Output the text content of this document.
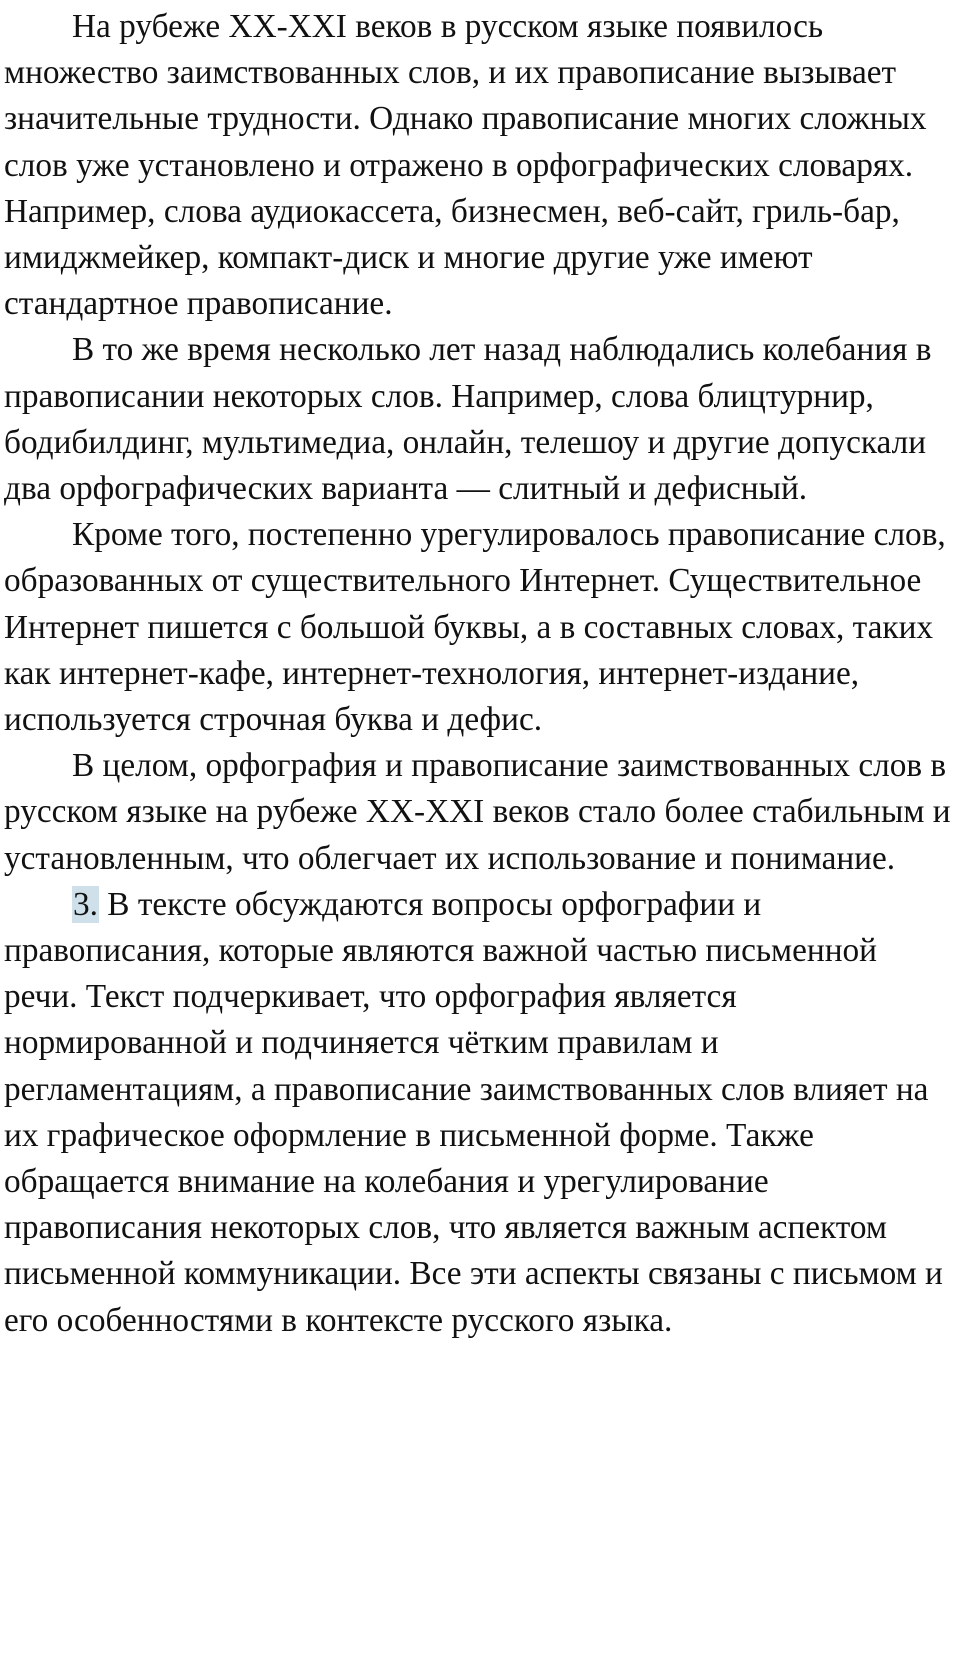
На рубеже XX-XXI веков в русском языке появилось множество заимствованных слов, и их правописание вызывает значительные трудности. Однако правописание многих сложных слов уже установлено и отражено в орфографических словарях. Например, слова аудиокассета, бизнесмен, веб-сайт, гриль-бар, имиджмейкер, компакт-диск и многие другие уже имеют стандартное правописание.

В то же время несколько лет назад наблюдались колебания в правописании некоторых слов. Например, слова блицтурнир, бодибилдинг, мультимедиа, онлайн, телешоу и другие допускали два орфографических варианта — слитный и дефисный.

Кроме того, постепенно урегулировалось правописание слов, образованных от существительного Интернет. Существительное Интернет пишется с большой буквы, а в составных словах, таких как интернет-кафе, интернет-технология, интернет-издание, используется строчная буква и дефис.

В целом, орфография и правописание заимствованных слов в русском языке на рубеже XX-XXI веков стало более стабильным и установленным, что облегчает их использование и понимание.

3. В тексте обсуждаются вопросы орфографии и правописания, которые являются важной частью письменной речи. Текст подчеркивает, что орфография является нормированной и подчиняется чётким правилам и регламентациям, а правописание заимствованных слов влияет на их графическое оформление в письменной форме. Также обращается внимание на колебания и урегулирование правописания некоторых слов, что является важным аспектом письменной коммуникации. Все эти аспекты связаны с письмом и его особенностями в контексте русского языка.
